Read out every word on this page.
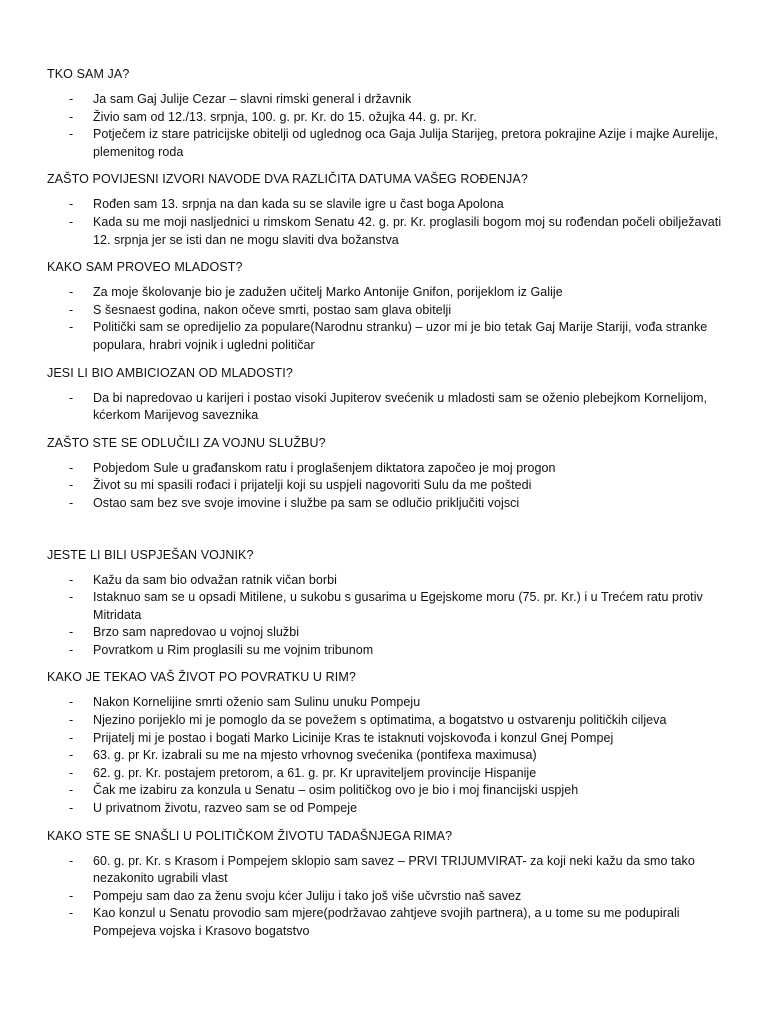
TKO SAM JA?
- Ja sam Gaj Julije Cezar – slavni rimski general i državnik
- Živio sam od 12./13. srpnja, 100. g. pr. Kr. do 15. ožujka 44. g. pr. Kr.
- Potječem iz stare patricijske obitelji od uglednog oca Gaja Julija Starijeg, pretora pokrajine Azije i majke Aurelije, plemenitog roda
ZAŠTO POVIJESNI IZVORI NAVODE DVA RAZLIČITA DATUMA VAŠEG ROĐENJA?
- Rođen sam 13. srpnja na dan kada su se slavile igre u čast boga Apolona
- Kada su me moji nasljednici u rimskom Senatu 42. g. pr. Kr. proglasili bogom moj su rođendan počeli obilježavati 12. srpnja jer se isti dan ne mogu slaviti dva božanstva
KAKO SAM PROVEO MLADOST?
- Za moje školovanje bio je zadužen učitelj Marko Antonije Gnifon, porijeklom iz Galije
- S šesnaest godina, nakon očeve smrti, postao sam glava obitelji
- Politički sam se opredijelio za populare(Narodnu stranku) – uzor mi je bio tetak Gaj Marije Stariji, vođa stranke populara, hrabri vojnik i ugledni političar
JESI LI BIO AMBICIOZAN OD MLADOSTI?
- Da bi napredovao u karijeri i postao visoki Jupiterov svećenik u mladosti sam se oženio plebejkom Kornelijom, kćerkom Marijevog saveznika
ZAŠTO STE SE ODLUČILI ZA VOJNU SLUŽBU?
- Pobjedom Sule u građanskom ratu i proglašenjem diktatora započeo je moj progon
- Život su mi spasili rođaci i prijatelji koji su uspjeli nagovoriti Sulu da me poštedi
- Ostao sam bez sve svoje imovine i službe pa sam se odlučio priključiti vojsci
JESTE LI BILI USPJEŠAN VOJNIK?
- Kažu da sam bio odvažan ratnik vičan borbi
- Istaknuo sam se u opsadi Mitilene, u sukobu s gusarima u Egejskome moru (75. pr. Kr.) i u Trećem ratu protiv Mitridata
- Brzo sam napredovao u vojnoj službi
- Povratkom u Rim proglasili su me vojnim tribunom
KAKO JE TEKAO VAŠ ŽIVOT PO POVRATKU U RIM?
- Nakon Kornelijine smrti oženio sam Sulinu unuku Pompeju
- Njezino porijeklo mi je pomoglo da se povežem s optimatima, a bogatstvo u ostvarenju političkih ciljeva
- Prijatelj mi je postao i bogati Marko Licinije Kras te istaknuti vojskovođa i konzul Gnej Pompej
- 63. g. pr Kr. izabrali su me na mjesto vrhovnog svećenika (pontifexa maximusa)
- 62. g. pr. Kr. postajem pretorom, a 61. g. pr. Kr upraviteljem provincije Hispanije
- Čak me izabiru za konzula u Senatu – osim političkog ovo je bio i moj financijski uspjeh
- U privatnom životu, razveo sam se od Pompeje
KAKO STE SE SNAŠLI U POLITIČKOM ŽIVOTU TADAŠNJEGA RIMA?
- 60. g. pr. Kr. s Krasom i Pompejem sklopio sam savez – PRVI TRIJUMVIRAT- za koji neki kažu da smo tako nezakonito ugrabili vlast
- Pompeju sam dao za ženu svoju kćer Juliju i tako još više učvrstio naš savez
- Kao konzul u Senatu provodio sam mjere(podržavao zahtjeve svojih partnera), a u tome su me podupirali Pompejeva vojska i Krasovo bogatstvo
